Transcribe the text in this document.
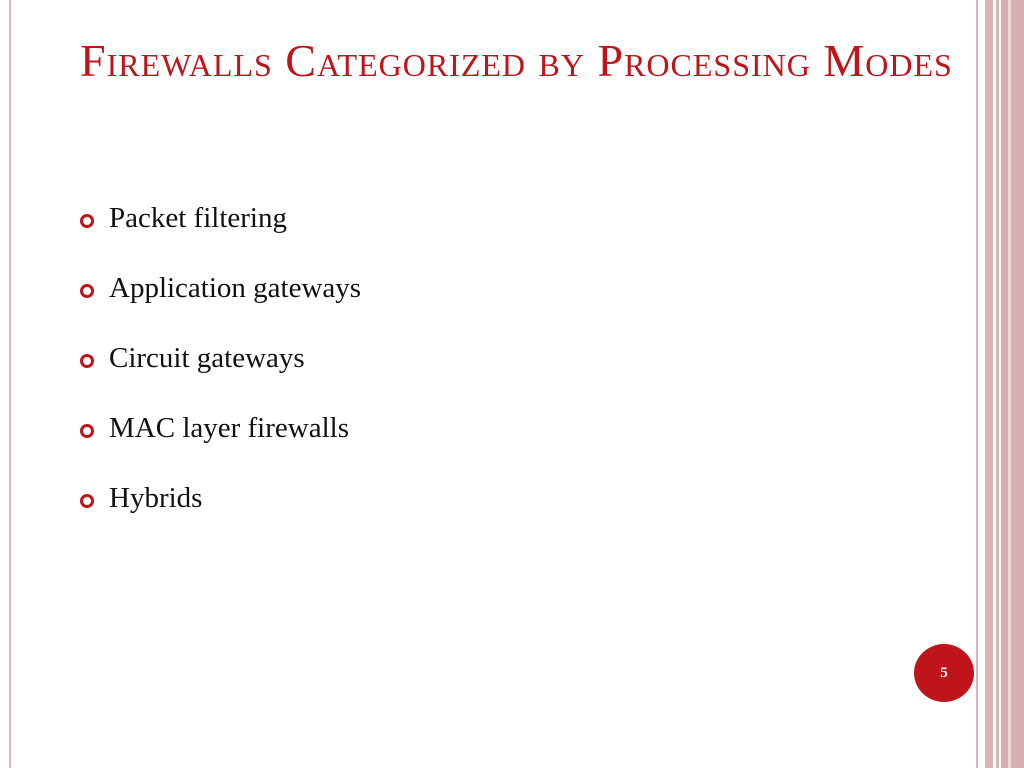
Firewalls Categorized by Processing Modes
Packet filtering
Application gateways
Circuit gateways
MAC layer firewalls
Hybrids
5
